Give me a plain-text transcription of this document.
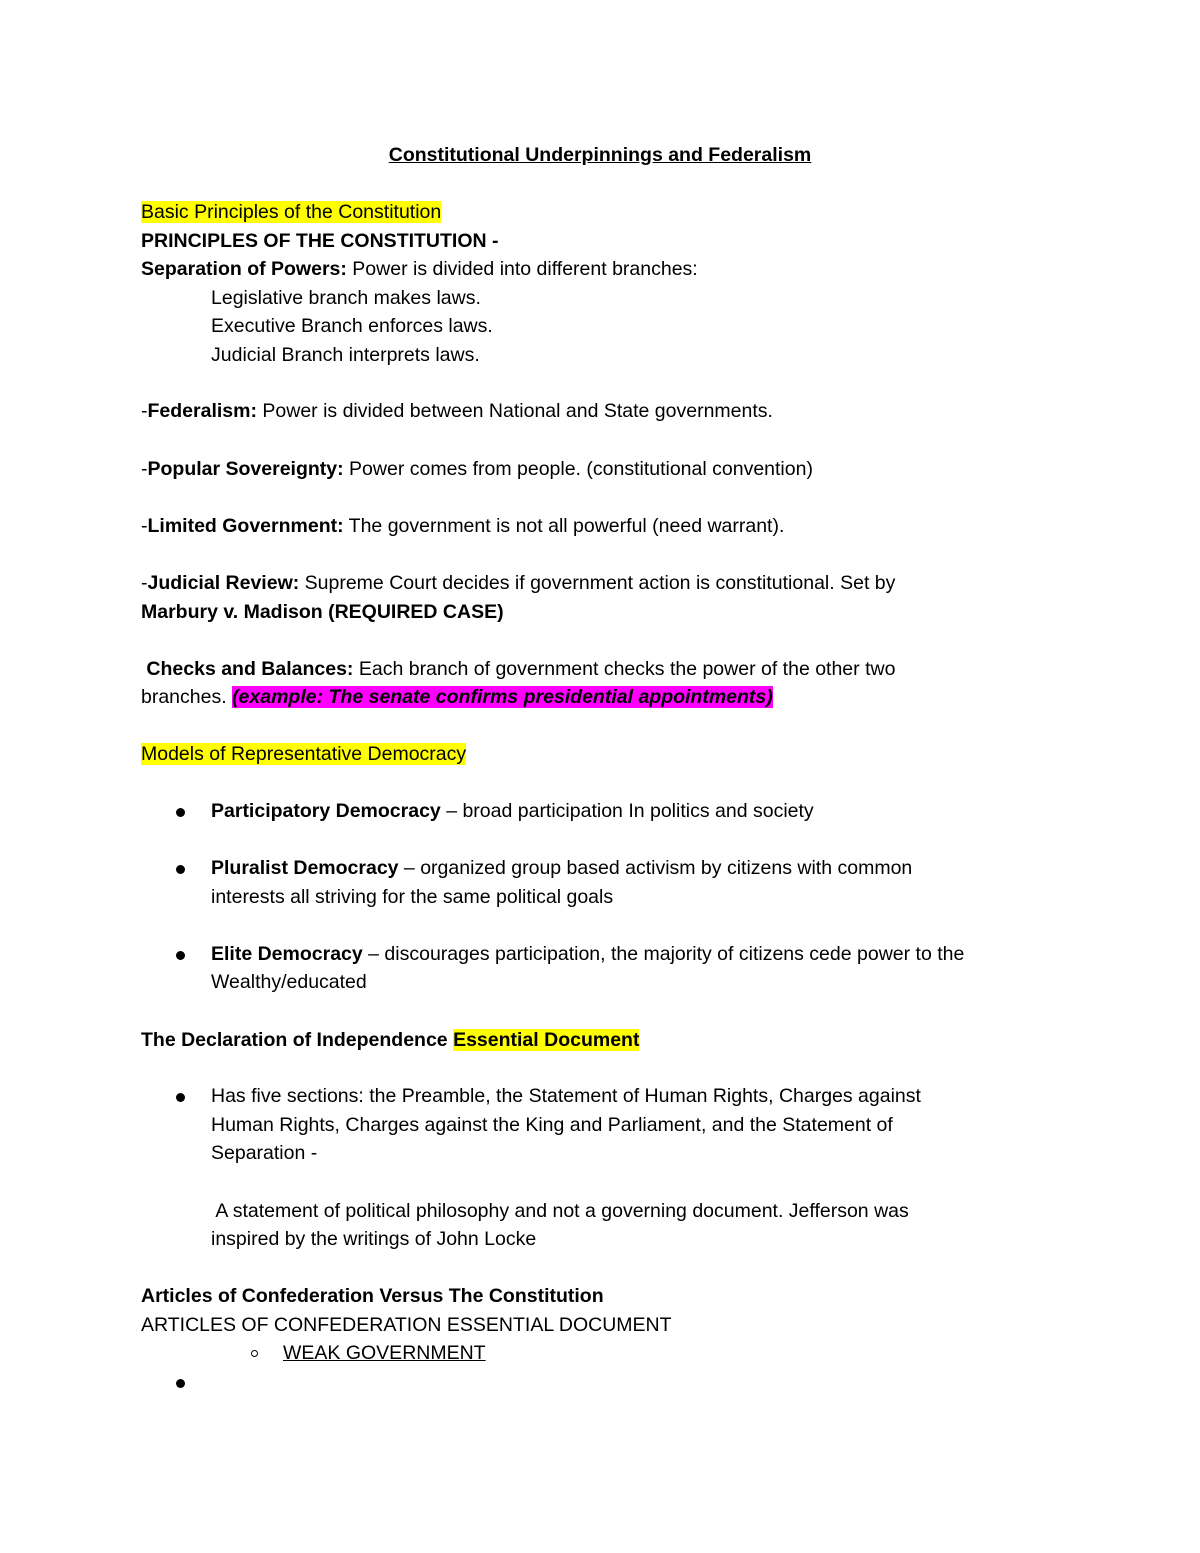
Constitutional Underpinnings and Federalism
Basic Principles of the Constitution
PRINCIPLES OF THE CONSTITUTION -
Separation of Powers: Power is divided into different branches:
Legislative branch makes laws.
Executive Branch enforces laws.
Judicial Branch interprets laws.
-Federalism: Power is divided between National and State governments.
-Popular Sovereignty: Power comes from people. (constitutional convention)
-Limited Government: The government is not all powerful (need warrant).
-Judicial Review: Supreme Court decides if government action is constitutional. Set by
Marbury v. Madison (REQUIRED CASE)
Checks and Balances: Each branch of government checks the power of the other two
branches. (example: The senate confirms presidential appointments)
Models of Representative Democracy
Participatory Democracy – broad participation In politics and society
Pluralist Democracy – organized group based activism by citizens with common
interests all striving for the same political goals
Elite Democracy – discourages participation, the majority of citizens cede power to the
Wealthy/educated
The Declaration of Independence Essential Document
Has five sections: the Preamble, the Statement of Human Rights, Charges against
Human Rights, Charges against the King and Parliament, and the Statement of
Separation -
A statement of political philosophy and not a governing document. Jefferson was
inspired by the writings of John Locke
Articles of Confederation Versus The Constitution
ARTICLES OF CONFEDERATION ESSENTIAL DOCUMENT
WEAK GOVERNMENT
